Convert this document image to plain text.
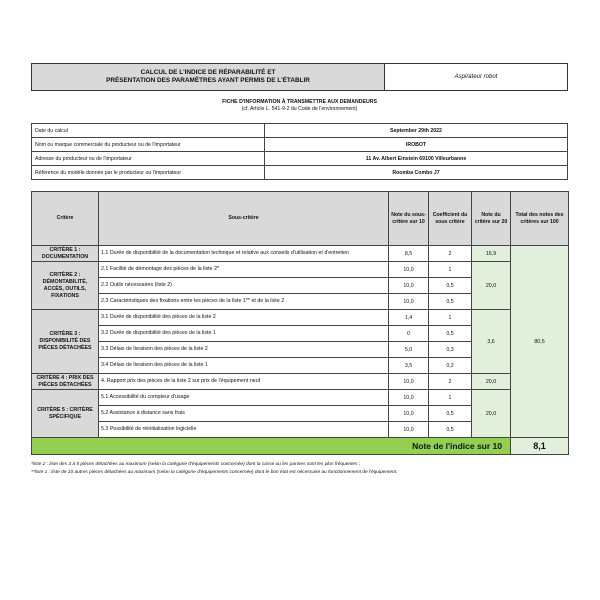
CALCUL DE L'INDICE DE RÉPARABILITÉ ET
PRÉSENTATION DES PARAMÈTRES AYANT PERMIS DE L'ÉTABLIR	Aspirateur robot
FICHE D'INFORMATION À TRANSMETTRE AUX DEMANDEURS
(cf. Article L. 541-9-2 du Code de l'environnement)
Date du calcul	September 29th 2022
Nom ou marque commerciale du producteur ou de l'importateur	IROBOT
Adresse du producteur ou de l'importateur	11 Av. Albert Einstein 69100 Villeurbanne
Référence du modèle donnée par le producteur ou l'importateur	Roomba Combo J7
Critère	Sous-critère	Note du sous-critère sur 10	Coefficient du sous critère	Note du critère sur 20	Total des notes des critères sur 100
CRITÈRE 1 : DOCUMENTATION	1.1 Durée de disponibilité de la documentation technique et relative aux conseils d'utilisation et d'entretien	8,5	2	16,9	80,5
CRITÈRE 2 : DÉMONTABILITÉ, ACCÈS, OUTILS, FIXATIONS	2.1 Facilité de démontage des pièces de la liste 2*	10,0	1	20,0	
	2.2 Outils nécessaires (liste 2)	10,0	0,5		
	2.3 Caractéristiques des fixations entre les pièces de la liste 1** et de la liste 2	10,0	0,5		
CRITÈRE 3 : DISPONIBILITÉ DES PIÈCES DÉTACHÉES	3.1 Durée de disponibilité des pièces de la liste 2	1,4	1	3,6	
	3.2 Durée de disponibilité des pièces de la liste 1	0	0,5		
	3.3 Délais de livraison des pièces de la liste 2	5,0	0,3		
	3.4 Délais de livraison des pièces de la liste 1	3,5	0,2		
CRITÈRE 4 : PRIX DES PIÈCES DÉTACHÉES	4. Rapport prix des pièces de la liste 2 sur prix de l'équipement neuf	10,0	2	20,0	
CRITÈRE 5 : CRITÈRE SPÉCIFIQUE	5.1 Accessibilité du compteur d'usage	10,0	1	20,0	
	5.2 Assistance à distance sans frais	10,0	0,5		
	5.3 Possibilité de réinitialisation logicielle	10,0	0,5		
Note de l'indice sur 10					8,1
*liste 2 : liste des 3 à 5 pièces détachées au maximum (selon la catégorie d'équipements concernée) dont la casse ou les pannes sont les plus fréquentes ;
**liste 1 : liste de 10 autres pièces détachées au maximum (selon la catégorie d'équipements concernée) dont le bon état est nécessaire au fonctionnement de l'équipement.
